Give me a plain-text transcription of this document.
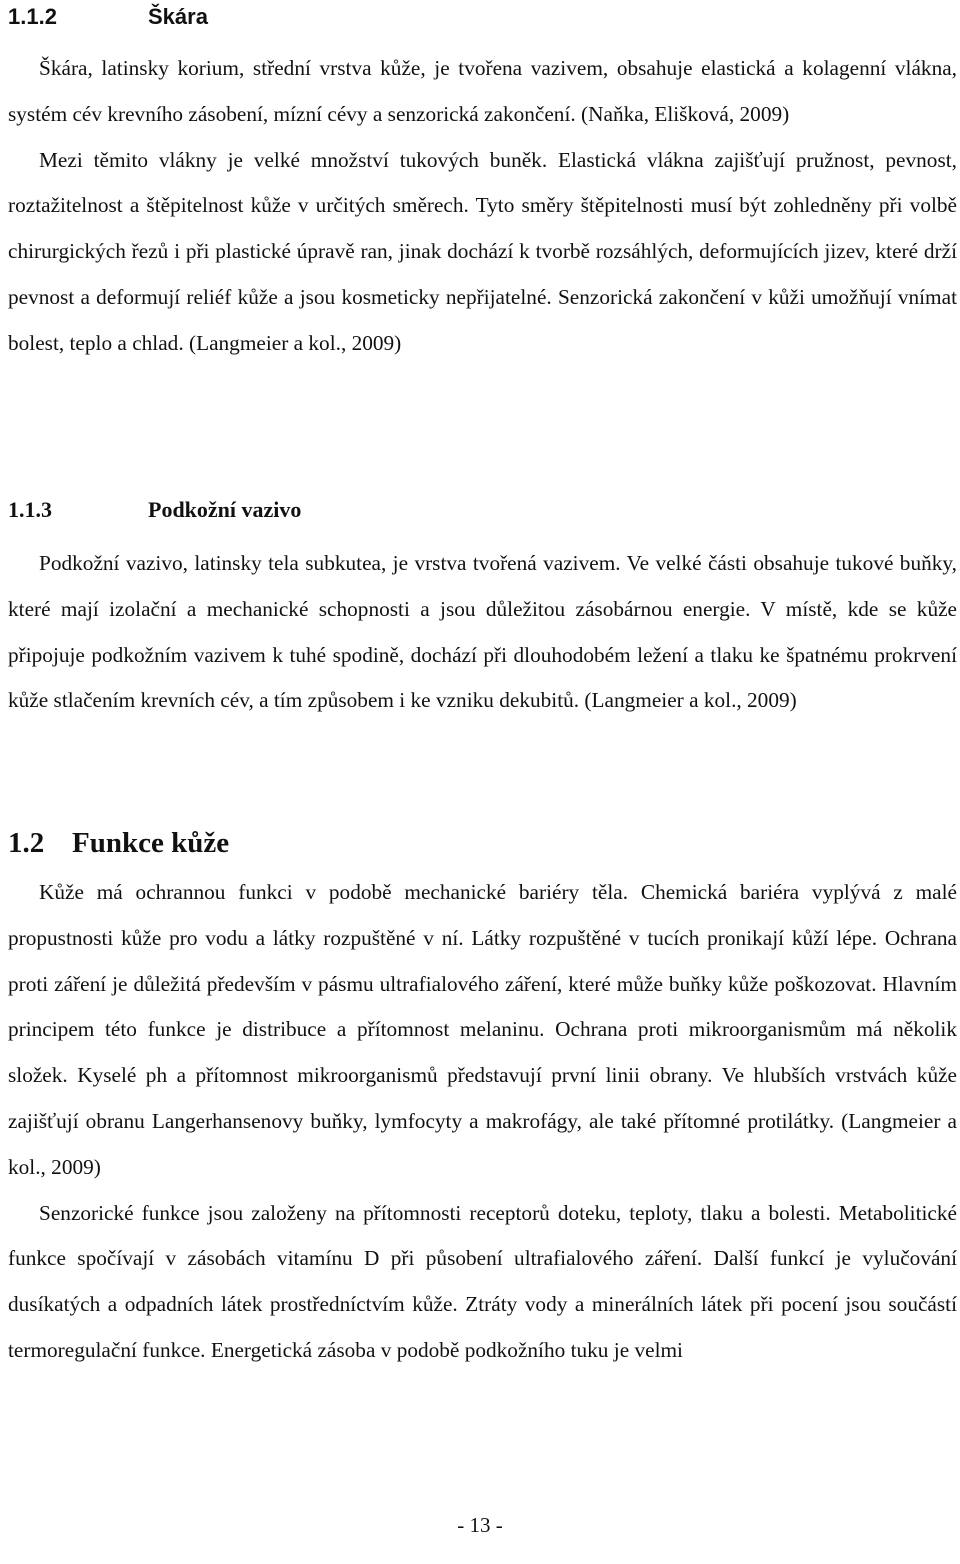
1.1.2	Škára

Škára, latinsky korium, střední vrstva kůže, je tvořena vazivem, obsahuje elastická a kolagenní vlákna, systém cév krevního zásobení, mízní cévy a senzorická zakončení. (Naňka, Elišková, 2009)

Mezi těmito vlákny je velké množství tukových buněk. Elastická vlákna zajišťují pružnost, pevnost, roztažitelnost a štěpitelnost kůže v určitých směrech. Tyto směry štěpitelnosti musí být zohledněny při volbě chirurgických řezů i při plastické úpravě ran, jinak dochází k tvorbě rozsáhlých, deformujících jizev, které drží pevnost a deformují reliéf kůže a jsou kosmeticky nepřijatelné. Senzorická zakončení v kůži umožňují vnímat bolest, teplo a chlad. (Langmeier a kol., 2009)

1.1.3	Podkožní vazivo

Podkožní vazivo, latinsky tela subkutea, je vrstva tvořená vazivem. Ve velké části obsahuje tukové buňky, které mají izolační a mechanické schopnosti a jsou důležitou zásobárnou energie. V místě, kde se kůže připojuje podkožním vazivem k tuhé spodině, dochází při dlouhodobém ležení a tlaku ke špatnému prokrvení kůže stlačením krevních cév, a tím způsobem i ke vzniku dekubitů. (Langmeier a kol., 2009)

1.2 Funkce kůže

Kůže má ochrannou funkci v podobě mechanické bariéry těla. Chemická bariéra vyplývá z malé propustnosti kůže pro vodu a látky rozpuštěné v ní. Látky rozpuštěné v tucích pronikají kůží lépe. Ochrana proti záření je důležitá především v pásmu ultrafialového záření, které může buňky kůže poškozovat. Hlavním principem této funkce je distribuce a přítomnost melaninu. Ochrana proti mikroorganismům má několik složek. Kyselé ph a přítomnost mikroorganismů představují první linii obrany. Ve hlubších vrstvách kůže zajišťují obranu Langerhansenovy buňky, lymfocyty a makrofágy, ale také přítomné protilátky. (Langmeier a kol., 2009)

Senzorické funkce jsou založeny na přítomnosti receptorů doteku, teploty, tlaku a bolesti. Metabolitické funkce spočívají v zásobách vitamínu D při působení ultrafialového záření. Další funkcí je vylučování dusíkatých a odpadních látek prostředníctvím kůže. Ztráty vody a minerálních látek při pocení jsou součástí termoregulační funkce. Energetická zásoba v podobě podkožního tuku je velmi

- 13 -
